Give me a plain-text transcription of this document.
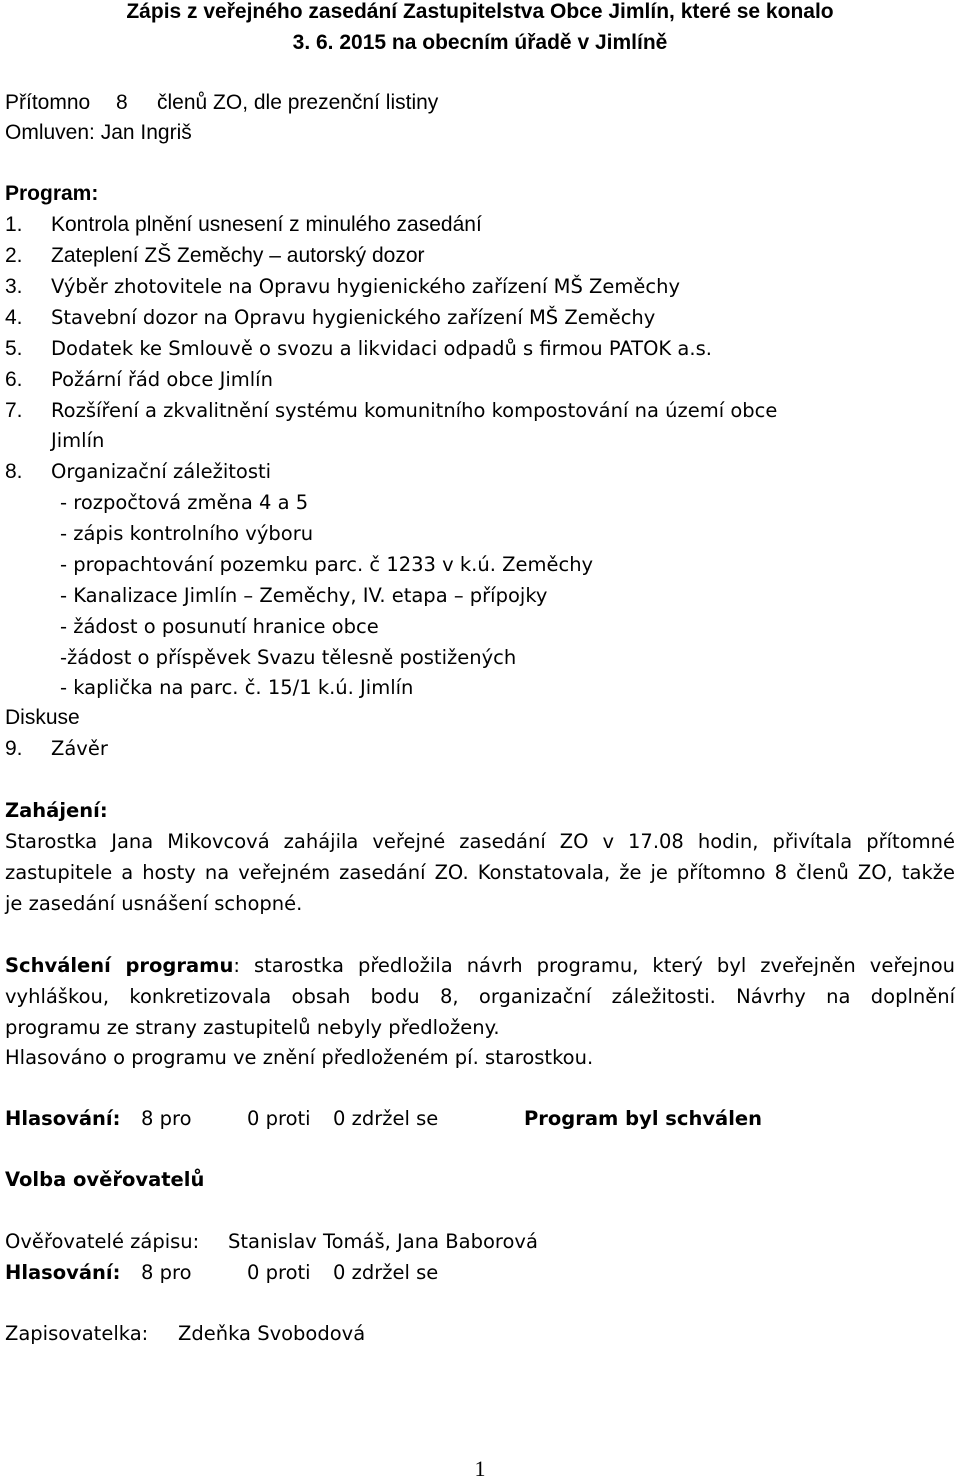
Zápis z veřejného zasedání Zastupitelstva Obce Jimlín, které se konalo

3. 6. 2015 na obecním úřadě v Jimlíně

Přítomno 8 členů ZO, dle prezenční listiny

Omluven: Jan Ingriš

Program:

1. Kontrola plnění usnesení z minulého zasedání

2. Zateplení ZŠ Zeměchy – autorský dozor

3. Výběr zhotovitele na Opravu hygienického zařízení MŠ Zeměchy

4. Stavební dozor na Opravu hygienického zařízení MŠ Zeměchy

5. Dodatek ke Smlouvě o svozu a likvidaci odpadů s firmou PATOK a.s.

6. Požární řád obce Jimlín

7. Rozšíření a zkvalitnění systému komunitního kompostování na území obce

Jimlín

8. Organizační záležitosti

- rozpočtová změna 4 a 5

- zápis kontrolního výboru

- propachtování pozemku parc. č 1233 v k.ú. Zeměchy

- Kanalizace Jimlín – Zeměchy, IV. etapa – přípojky

- žádost o posunutí hranice obce

-žádost o příspěvek Svazu tělesně postižených

- kaplička na parc. č. 15/1 k.ú. Jimlín

Diskuse

9. Závěr

Zahájení:

Starostka Jana Mikovcová zahájila veřejné zasedání ZO v 17.08 hodin, přivítala přítomné

zastupitele a hosty na veřejném zasedání ZO. Konstatovala, že je přítomno 8 členů ZO, takže

je zasedání usnášení schopné.

Schválení programu: starostka předložila návrh programu, který byl zveřejněn veřejnou

vyhláškou, konkretizovala obsah bodu 8, organizační záležitosti. Návrhy na doplnění

programu ze strany zastupitelů nebyly předloženy.

Hlasováno o programu ve znění předloženém pí. starostkou.

Hlasování: 8 pro	0 proti 0 zdržel se	Program byl schválen

Volba ověřovatelů

Ověřovatelé zápisu: Stanislav Tomáš, Jana Baborová

Hlasování: 8 pro	0 proti 0 zdržel se

Zapisovatelka: Zdeňka Svobodová

1
